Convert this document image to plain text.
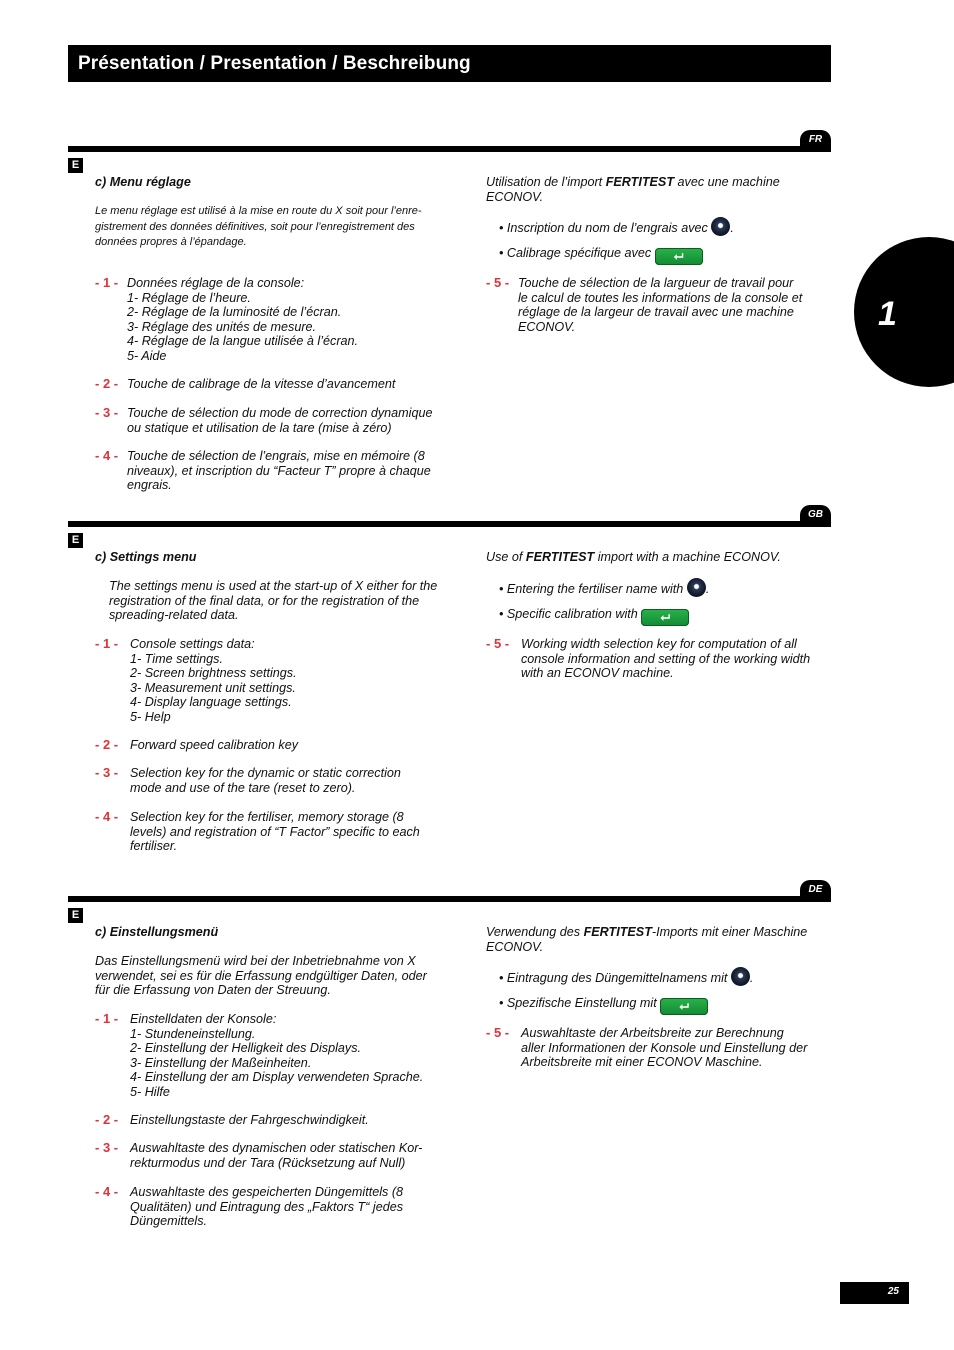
Présentation / Presentation / Beschreibung
1
FR
E
c) Menu réglage
Le menu réglage est utilisé à la mise en route du X soit pour l’enre-
gistrement des données définitives, soit pour l’enregistrement des
données propres à l’épandage.
- 1 - Données réglage de la console:
1- Réglage de l’heure.
2- Réglage de la luminosité de l’écran.
3- Réglage des unités de mesure.
4- Réglage de la langue utilisée à l’écran.
5- Aide
- 2 - Touche de calibrage de la vitesse d’avancement
- 3 - Touche de sélection du mode de correction dynamique
ou statique et utilisation de la tare (mise à zéro)
- 4 - Touche de sélection de l’engrais, mise en mémoire (8
niveaux), et inscription du “Facteur T” propre à chaque
engrais.
Utilisation de l’import FERTITEST avec une machine
ECONOV.
• Inscription du nom de l’engrais avec .
• Calibrage spécifique avec ⮠
- 5 - Touche de sélection de la largueur de travail pour
le calcul de toutes les informations de la console et
réglage de la largeur de travail avec une machine
ECONOV.
GB
E
c) Settings menu
The settings menu is used at the start-up of X either for the
registration of the final data, or for the registration of the
spreading-related data.
- 1 - Console settings data:
1- Time settings.
2- Screen brightness settings.
3- Measurement unit settings.
4- Display language settings.
5- Help
- 2 - Forward speed calibration key
- 3 - Selection key for the dynamic or static correction
mode and use of the tare (reset to zero).
- 4 - Selection key for the fertiliser, memory storage (8
levels) and registration of “T Factor” specific to each
fertiliser.
Use of FERTITEST import with a machine ECONOV.
• Entering the fertiliser name with .
• Specific calibration with ⮠
- 5 - Working width selection key for computation of all
console information and setting of the working width
with an ECONOV machine.
DE
E
c) Einstellungsmenü
Das Einstellungsmenü wird bei der Inbetriebnahme von X
verwendet, sei es für die Erfassung endgültiger Daten, oder
für die Erfassung von Daten der Streuung.
- 1 - Einstelldaten der Konsole:
1- Stundeneinstellung.
2- Einstellung der Helligkeit des Displays.
3- Einstellung der Maßeinheiten.
4- Einstellung der am Display verwendeten Sprache.
5- Hilfe
- 2 - Einstellungstaste der Fahrgeschwindigkeit.
- 3 - Auswahltaste des dynamischen oder statischen Kor-
rekturmodus und der Tara (Rücksetzung auf Null)
- 4 - Auswahltaste des gespeicherten Düngemittels (8
Qualitäten) und Eintragung des „Faktors T“ jedes
Düngemittels.
Verwendung des FERTITEST-Imports mit einer Maschine
ECONOV.
• Eintragung des Düngemittelnamens mit .
• Spezifische Einstellung mit ⮠
- 5 - Auswahltaste der Arbeitsbreite zur Berechnung
aller Informationen der Konsole und Einstellung der
Arbeitsbreite mit einer ECONOV Maschine.
25
